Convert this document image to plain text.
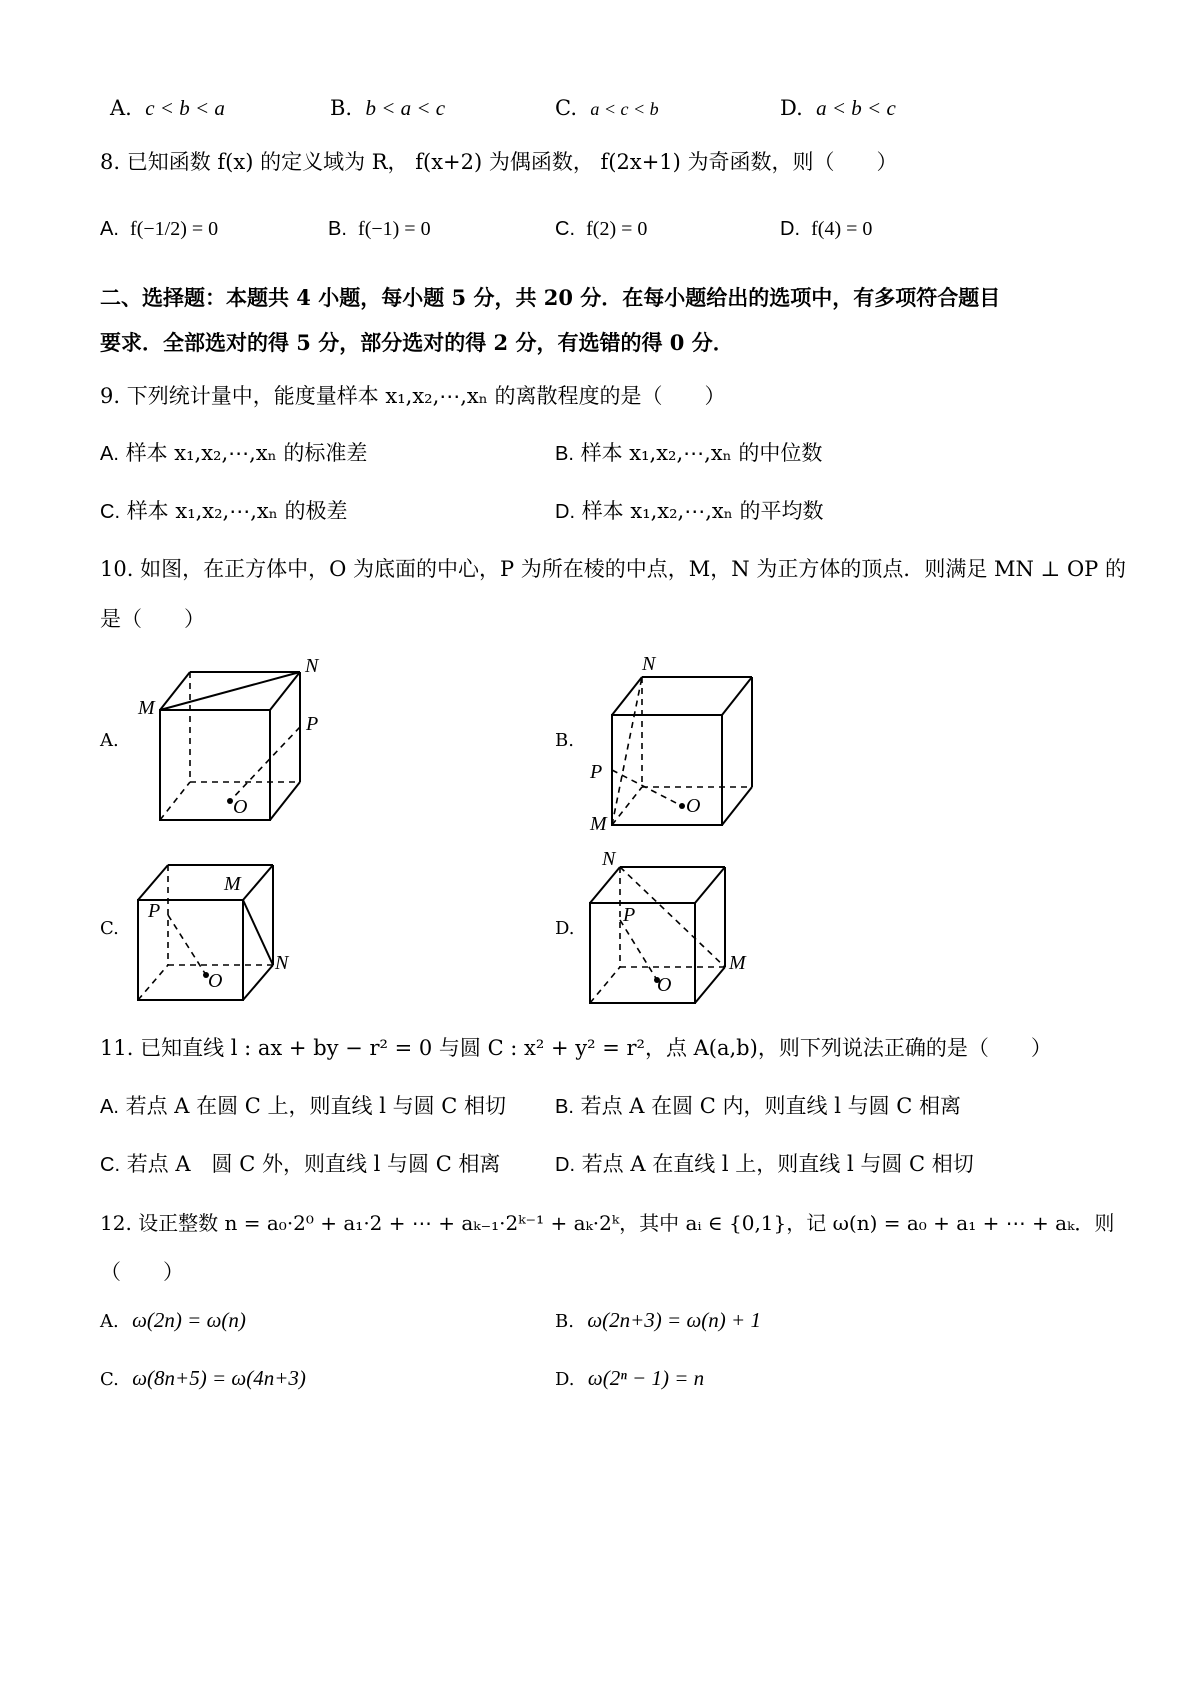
A. c < b < a	B. b < a < c	C. a < c < b	D. a < b < c
8. 已知函数 f(x) 的定义域为 R， f(x+2) 为偶函数， f(2x+1) 为奇函数，则（　　）
A. f(−1/2) = 0	B. f(−1) = 0	C. f(2) = 0	D. f(4) = 0
二、选择题：本题共 4 小题，每小题 5 分，共 20 分．在每小题给出的选项中，有多项符合题目
要求．全部选对的得 5 分，部分选对的得 2 分，有选错的得 0 分．
9. 下列统计量中，能度量样本 x₁,x₂,⋯,xₙ 的离散程度的是（　　）
A. 样本 x₁,x₂,⋯,xₙ 的标准差	B. 样本 x₁,x₂,⋯,xₙ 的中位数
C. 样本 x₁,x₂,⋯,xₙ 的极差	D. 样本 x₁,x₂,⋯,xₙ 的平均数
10. 如图，在正方体中，O 为底面的中心，P 为所在棱的中点，M，N 为正方体的顶点．则满足 MN ⊥ OP 的
是（　　）
A.
M
N
P
O
B.
M
N
P
O
C.
M
N
P
O
D.
M
N
P
O
11. 已知直线 l : ax + by − r² = 0 与圆 C : x² + y² = r²，点 A(a,b)，则下列说法正确的是（　　）
A. 若点 A 在圆 C 上，则直线 l 与圆 C 相切 B. 若点 A 在圆 C 内，则直线 l 与圆 C 相离
C. 若点 A　圆 C 外，则直线 l 与圆 C 相离	D. 若点 A 在直线 l 上，则直线 l 与圆 C 相切
12. 设正整数 n = a₀·2⁰ + a₁·2 + ⋯ + aₖ₋₁·2ᵏ⁻¹ + aₖ·2ᵏ，其中 aᵢ ∈ {0,1}，记 ω(n) = a₀ + a₁ + ⋯ + aₖ．则
（　　）
A. ω(2n) = ω(n)	B. ω(2n+3) = ω(n) + 1
C. ω(8n+5) = ω(4n+3)	D. ω(2ⁿ − 1) = n
